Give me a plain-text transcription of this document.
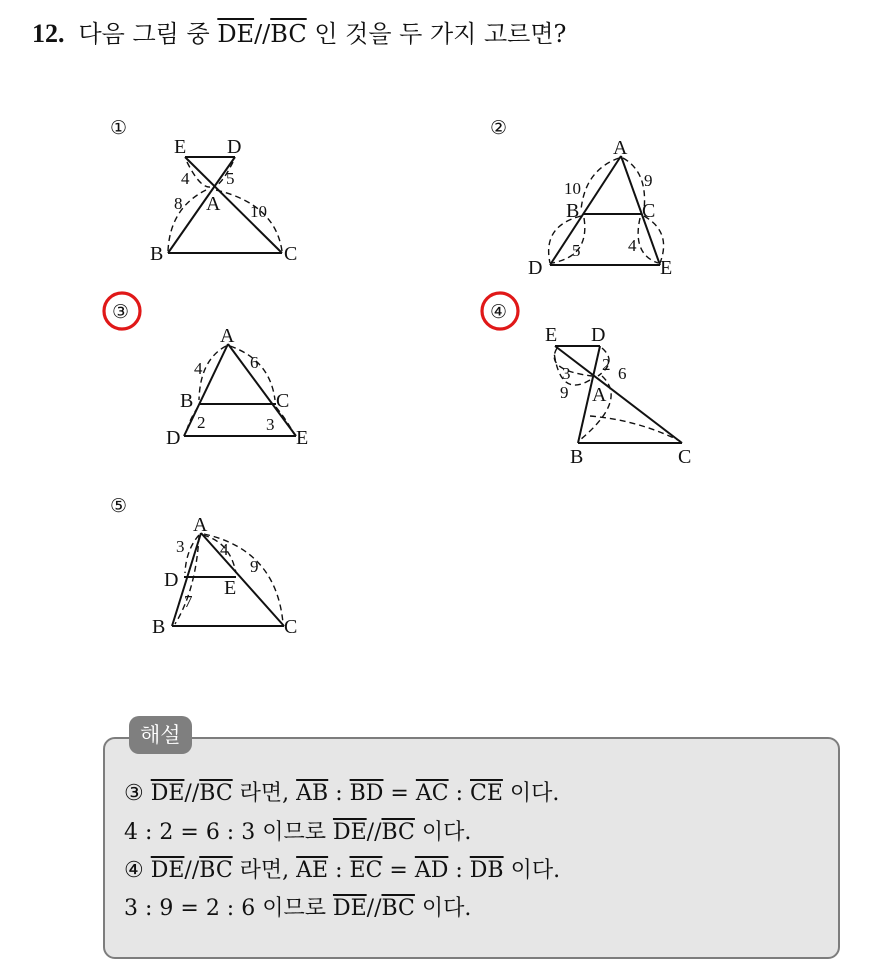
12. 다음 그림 중 $\overline{DE}//\overline{BC}$ 인 것을 두 가지 고르면?
①
E D
A
B	C
4 5
8	10
②
A
B	C
D	E
10	9
5	4
③
A
B	C
D	E
4	6
2	3
④
E D
A
B	C
3 2 6
9
⑤
A
D E
B	C
3 4
9
7
해설
③ $\overline{DE}//\overline{BC}$ 라면, $\overline{AB}$ : $\overline{BD} = \overline{AC}$ : $\overline{CE}$ 이다.
4 : 2 = 6 : 3 이므로 $\overline{DE}//\overline{BC}$ 이다.
④ $\overline{DE}//\overline{BC}$ 라면, $\overline{AE}$ : $\overline{EC} = \overline{AD}$ : $\overline{DB}$ 이다.
3 : 9 = 2 : 6 이므로 $\overline{DE}//\overline{BC}$ 이다.
